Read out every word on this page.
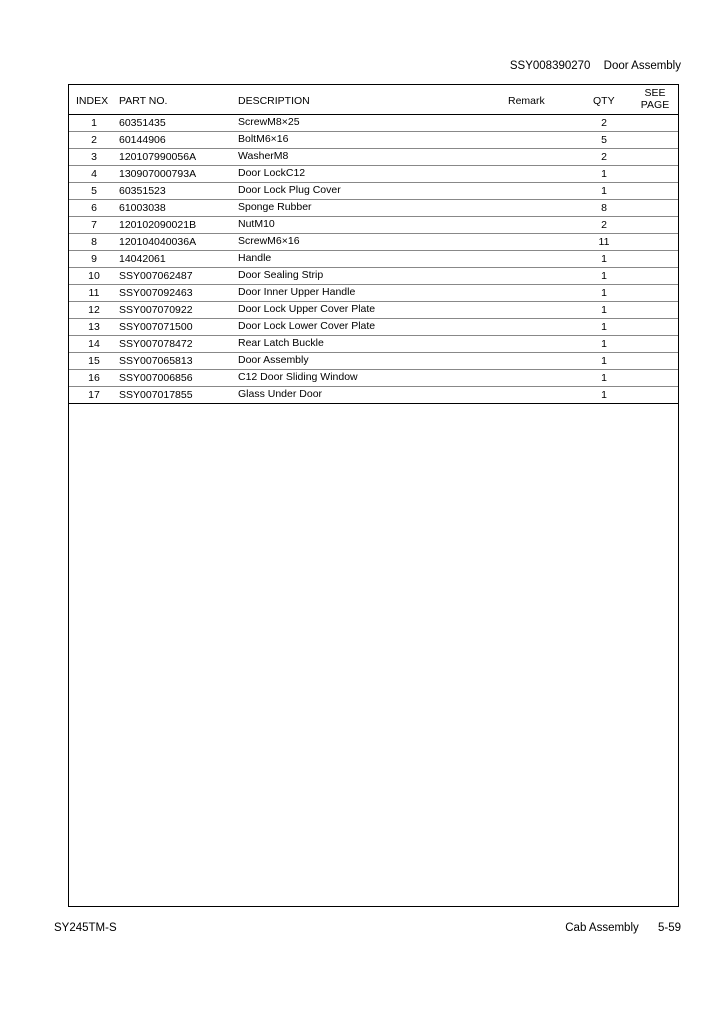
SSY008390270 Door Assembly
INDEX PART NO.	DESCRIPTION	Remark	QTY
SEE
PAGE
1	60351435	ScrewM8×25	2
2	60144906	BoltM6×16	5
3	120107990056A	WasherM8	2
4	130907000793A	Door LockC12	1
5	60351523	Door Lock Plug Cover	1
6	61003038	Sponge Rubber	8
7	120102090021B	NutM10	2
8	120104040036A	ScrewM6×16	11
9	14042061	Handle	1
10	SSY007062487	Door Sealing Strip	1
11	SSY007092463	Door Inner Upper Handle	1
12	SSY007070922	Door Lock Upper Cover Plate	1
13	SSY007071500	Door Lock Lower Cover Plate	1
14	SSY007078472	Rear Latch Buckle	1
15	SSY007065813	Door Assembly	1
16	SSY007006856	C12 Door Sliding Window	1
17	SSY007017855	Glass Under Door	1
SY245TM-S	Cab Assembly 5-59
